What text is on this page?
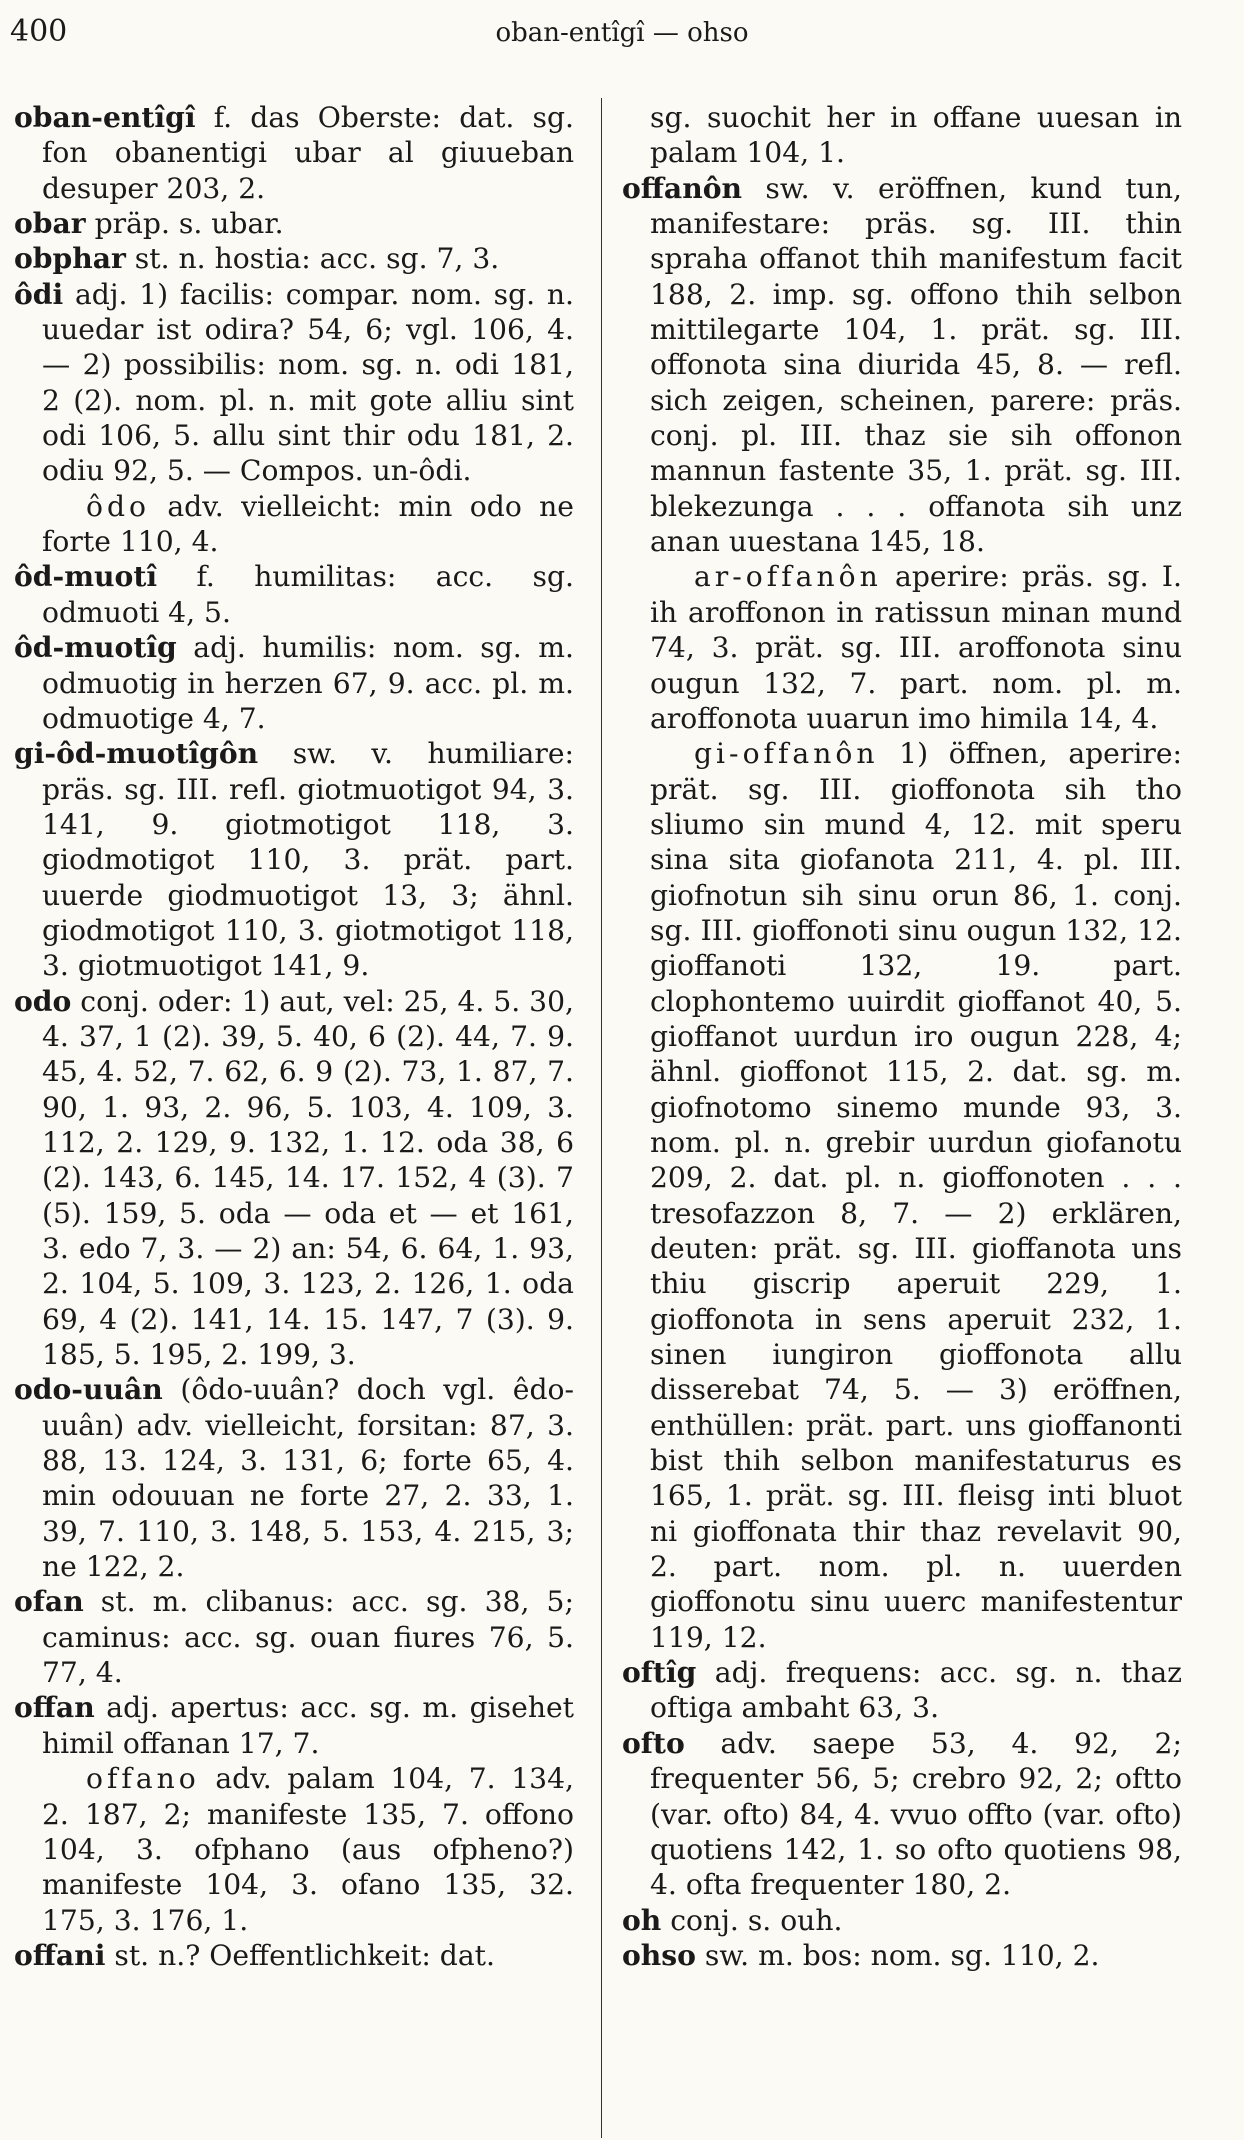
400	oban-entîgî — ohso

oban-entîgî f. das Oberste: dat. sg. fon obanentigi ubar al giuueban desuper 203, 2.

obar präp. s. ubar.

obphar st. n. hostia: acc. sg. 7, 3.

ôdi adj. 1) facilis: compar. nom. sg. n. uuedar ist odira? 54, 6; vgl. 106, 4. — 2) possibilis: nom. sg. n. odi 181, 2 (2). nom. pl. n. mit gote alliu sint odi 106, 5. allu sint thir odu 181, 2. odiu 92, 5. — Compos. un-ôdi.

ôdo adv. vielleicht: min odo ne forte 110, 4.

ôd-muotî f. humilitas: acc. sg. odmuoti 4, 5.

ôd-muotîg adj. humilis: nom. sg. m. odmuotig in herzen 67, 9. acc. pl. m. odmuotige 4, 7.

gi-ôd-muotîgôn sw. v. humiliare: präs. sg. III. refl. giotmuotigot 94, 3. 141, 9. giotmotigot 118, 3. giodmotigot 110, 3. prät. part. uuerde giodmuotigot 13, 3; ähnl. giodmotigot 110, 3. giotmotigot 118, 3. giotmuotigot 141, 9.

odo conj. oder: 1) aut, vel: 25, 4. 5. 30, 4. 37, 1 (2). 39, 5. 40, 6 (2). 44, 7. 9. 45, 4. 52, 7. 62, 6. 9 (2). 73, 1. 87, 7. 90, 1. 93, 2. 96, 5. 103, 4. 109, 3. 112, 2. 129, 9. 132, 1. 12. oda 38, 6 (2). 143, 6. 145, 14. 17. 152, 4 (3). 7 (5). 159, 5. oda — oda et — et 161, 3. edo 7, 3. — 2) an: 54, 6. 64, 1. 93, 2. 104, 5. 109, 3. 123, 2. 126, 1. oda 69, 4 (2). 141, 14. 15. 147, 7 (3). 9. 185, 5. 195, 2. 199, 3.

odo-uuân (ôdo-uuân? doch vgl. êdo-uuân) adv. vielleicht, forsitan: 87, 3. 88, 13. 124, 3. 131, 6; forte 65, 4. min odouuan ne forte 27, 2. 33, 1. 39, 7. 110, 3. 148, 5. 153, 4. 215, 3; ne 122, 2.

ofan st. m. clibanus: acc. sg. 38, 5; caminus: acc. sg. ouan fiures 76, 5. 77, 4.

offan adj. apertus: acc. sg. m. gisehet himil offanan 17, 7.

offano adv. palam 104, 7. 134, 2. 187, 2; manifeste 135, 7. offono 104, 3. ofphano (aus ofpheno?) manifeste 104, 3. ofano 135, 32. 175, 3. 176, 1.

offani st. n.? Oeffentlichkeit: dat.

sg. suochit her in offane uuesan in palam 104, 1.

offanôn sw. v. eröffnen, kund tun, manifestare: präs. sg. III. thin spraha offanot thih manifestum facit 188, 2. imp. sg. offono thih selbon mittilegarte 104, 1. prät. sg. III. offonota sina diurida 45, 8. — refl. sich zeigen, scheinen, parere: präs. conj. pl. III. thaz sie sih offonon mannun fastente 35, 1. prät. sg. III. blekezunga . . . offanota sih unz anan uuestana 145, 18.

ar-offanôn aperire: präs. sg. I. ih aroffonon in ratissun minan mund 74, 3. prät. sg. III. aroffonota sinu ougun 132, 7. part. nom. pl. m. aroffonota uuarun imo himila 14, 4.

gi-offanôn 1) öffnen, aperire: prät. sg. III. gioffonota sih tho sliumo sin mund 4, 12. mit speru sina sita giofanota 211, 4. pl. III. giofnotun sih sinu orun 86, 1. conj. sg. III. gioffonoti sinu ougun 132, 12. gioffanoti 132, 19. part. clophontemo uuirdit gioffanot 40, 5. gioffanot uurdun iro ougun 228, 4; ähnl. gioffonot 115, 2. dat. sg. m. giofnotomo sinemo munde 93, 3. nom. pl. n. grebir uurdun giofanotu 209, 2. dat. pl. n. gioffonoten . . . tresofazzon 8, 7. — 2) erklären, deuten: prät. sg. III. gioffanota uns thiu giscrip aperuit 229, 1. gioffonota in sens aperuit 232, 1. sinen iungiron gioffonota allu disserebat 74, 5. — 3) eröffnen, enthüllen: prät. part. uns gioffanonti bist thih selbon manifestaturus es 165, 1. prät. sg. III. fleisg inti bluot ni gioffonata thir thaz revelavit 90, 2. part. nom. pl. n. uuerden gioffonotu sinu uuerc manifestentur 119, 12.

oftîg adj. frequens: acc. sg. n. thaz oftiga ambaht 63, 3.

ofto adv. saepe 53, 4. 92, 2; frequenter 56, 5; crebro 92, 2; oftto (var. ofto) 84, 4. vvuo offto (var. ofto) quotiens 142, 1. so ofto quotiens 98, 4. ofta frequenter 180, 2.

oh conj. s. ouh.

ohso sw. m. bos: nom. sg. 110, 2.
